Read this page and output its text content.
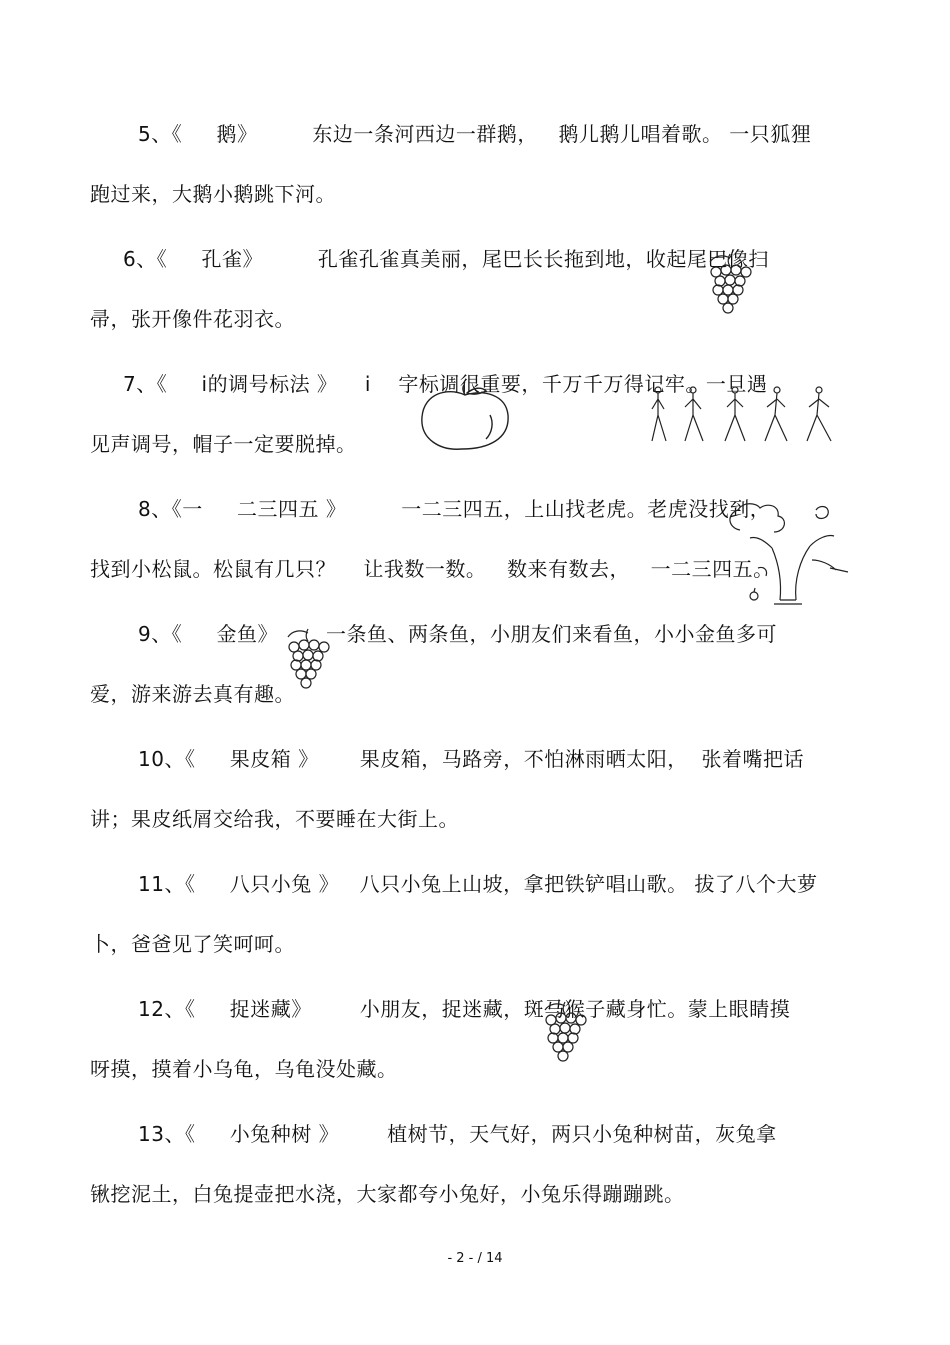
5、《     鹅》        东边一条河西边一群鹅，   鹅儿鹅儿唱着歌。 一只狐狸
跑过来，大鹅小鹅跳下河。
6、《     孔雀》        孔雀孔雀真美丽，尾巴长长拖到地，收起尾巴像扫
帚，张开像件花羽衣。
7、《     i的调号标法 》    i    字标调很重要，千万千万得记牢。一旦遇
见声调号，帽子一定要脱掉。
8、《一     二三四五 》        一二三四五，上山找老虎。老虎没找到，
找到小松鼠。松鼠有几只？    让我数一数。   数来有数去，   一二三四五。
9、《     金鱼》       一条鱼、两条鱼，小朋友们来看鱼，小小金鱼多可
爱，游来游去真有趣。
10、《     果皮箱 》      果皮箱，马路旁，不怕淋雨晒太阳，  张着嘴把话
讲；果皮纸屑交给我，不要睡在大街上。
11、《     八只小兔 》   八只小兔上山坡，拿把铁铲唱山歌。 拔了八个大萝
卜，爸爸见了笑呵呵。
12、《     捉迷藏》       小朋友，捉迷藏，斑马猴子藏身忙。蒙上眼睛摸
呀摸，摸着小乌龟，乌龟没处藏。
13、《     小兔种树 》       植树节，天气好，两只小兔种树苗，灰兔拿
锹挖泥土，白兔提壶把水浇，大家都夸小兔好，小兔乐得蹦蹦跳。
- 2 - / 14
